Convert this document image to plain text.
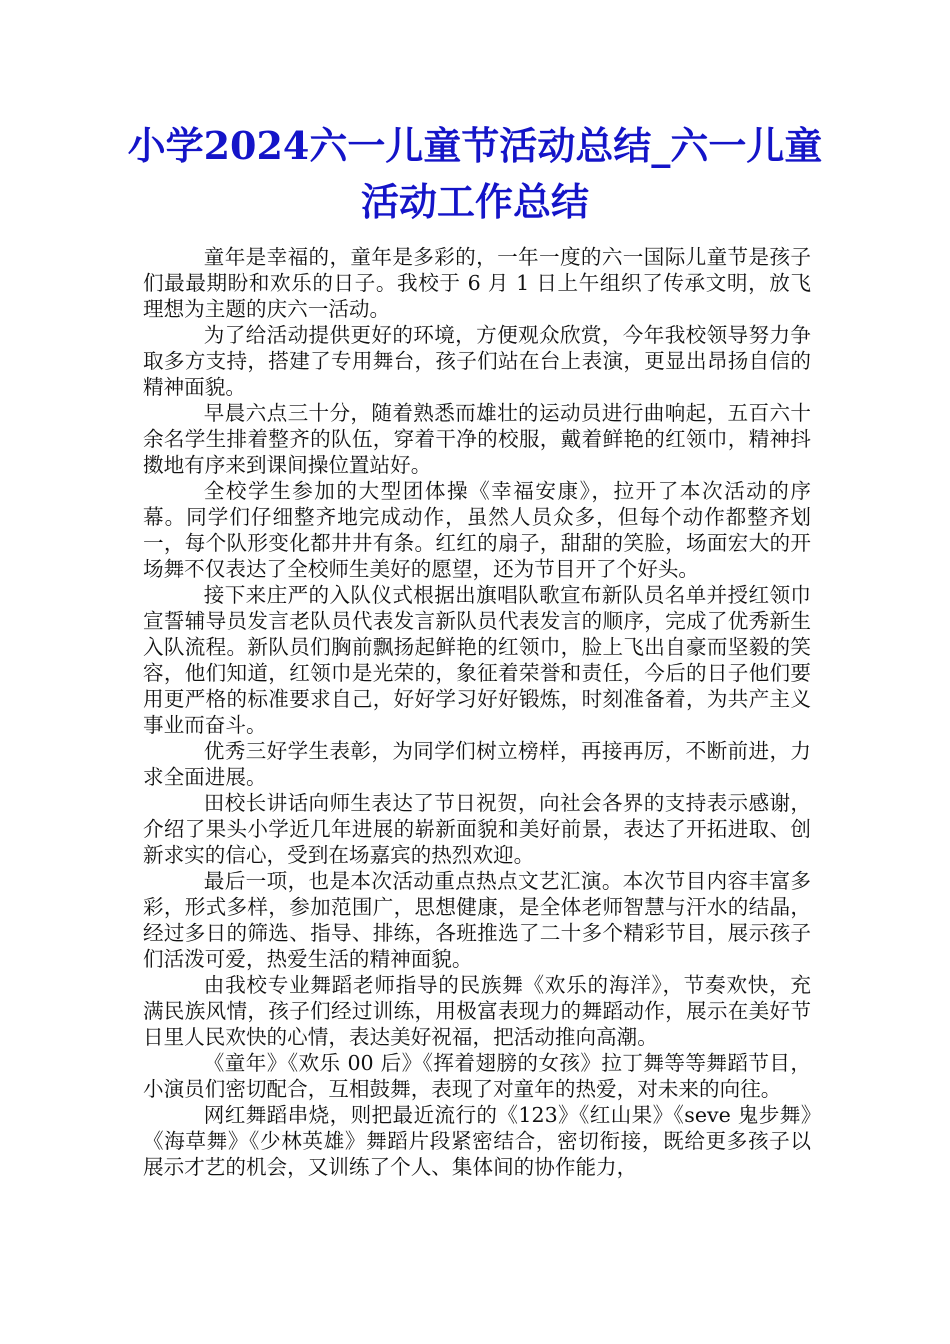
小学2024六一儿童节活动总结_六一儿童活动工作总结

童年是幸福的，童年是多彩的，一年一度的六一国际儿童节是孩子们最最期盼和欢乐的日子。我校于 6 月 1 日上午组织了传承文明，放飞理想为主题的庆六一活动。

为了给活动提供更好的环境，方便观众欣赏，今年我校领导努力争取多方支持，搭建了专用舞台，孩子们站在台上表演，更显出昂扬自信的精神面貌。

早晨六点三十分，随着熟悉而雄壮的运动员进行曲响起，五百六十余名学生排着整齐的队伍，穿着干净的校服，戴着鲜艳的红领巾，精神抖擞地有序来到课间操位置站好。

全校学生参加的大型团体操《幸福安康》，拉开了本次活动的序幕。同学们仔细整齐地完成动作，虽然人员众多，但每个动作都整齐划一，每个队形变化都井井有条。红红的扇子，甜甜的笑脸，场面宏大的开场舞不仅表达了全校师生美好的愿望，还为节目开了个好头。

接下来庄严的入队仪式根据出旗唱队歌宣布新队员名单并授红领巾宣誓辅导员发言老队员代表发言新队员代表发言的顺序，完成了优秀新生入队流程。新队员们胸前飘扬起鲜艳的红领巾，脸上飞出自豪而坚毅的笑容，他们知道，红领巾是光荣的，象征着荣誉和责任，今后的日子他们要用更严格的标准要求自己，好好学习好好锻炼，时刻准备着，为共产主义事业而奋斗。

优秀三好学生表彰，为同学们树立榜样，再接再厉，不断前进，力求全面进展。

田校长讲话向师生表达了节日祝贺，向社会各界的支持表示感谢，介绍了果头小学近几年进展的崭新面貌和美好前景，表达了开拓进取、创新求实的信心，受到在场嘉宾的热烈欢迎。

最后一项，也是本次活动重点热点文艺汇演。本次节目内容丰富多彩，形式多样，参加范围广，思想健康，是全体老师智慧与汗水的结晶，经过多日的筛选、指导、排练，各班推选了二十多个精彩节目，展示孩子们活泼可爱，热爱生活的精神面貌。

由我校专业舞蹈老师指导的民族舞《欢乐的海洋》，节奏欢快，充满民族风情，孩子们经过训练，用极富表现力的舞蹈动作，展示在美好节日里人民欢快的心情，表达美好祝福，把活动推向高潮。

《童年》《欢乐 00 后》《挥着翅膀的女孩》拉丁舞等等舞蹈节目，小演员们密切配合，互相鼓舞，表现了对童年的热爱，对未来的向往。

网红舞蹈串烧，则把最近流行的《123》《红山果》《seve 鬼步舞》《海草舞》《少林英雄》舞蹈片段紧密结合，密切衔接，既给更多孩子以展示才艺的机会，又训练了个人、集体间的协作能力，
